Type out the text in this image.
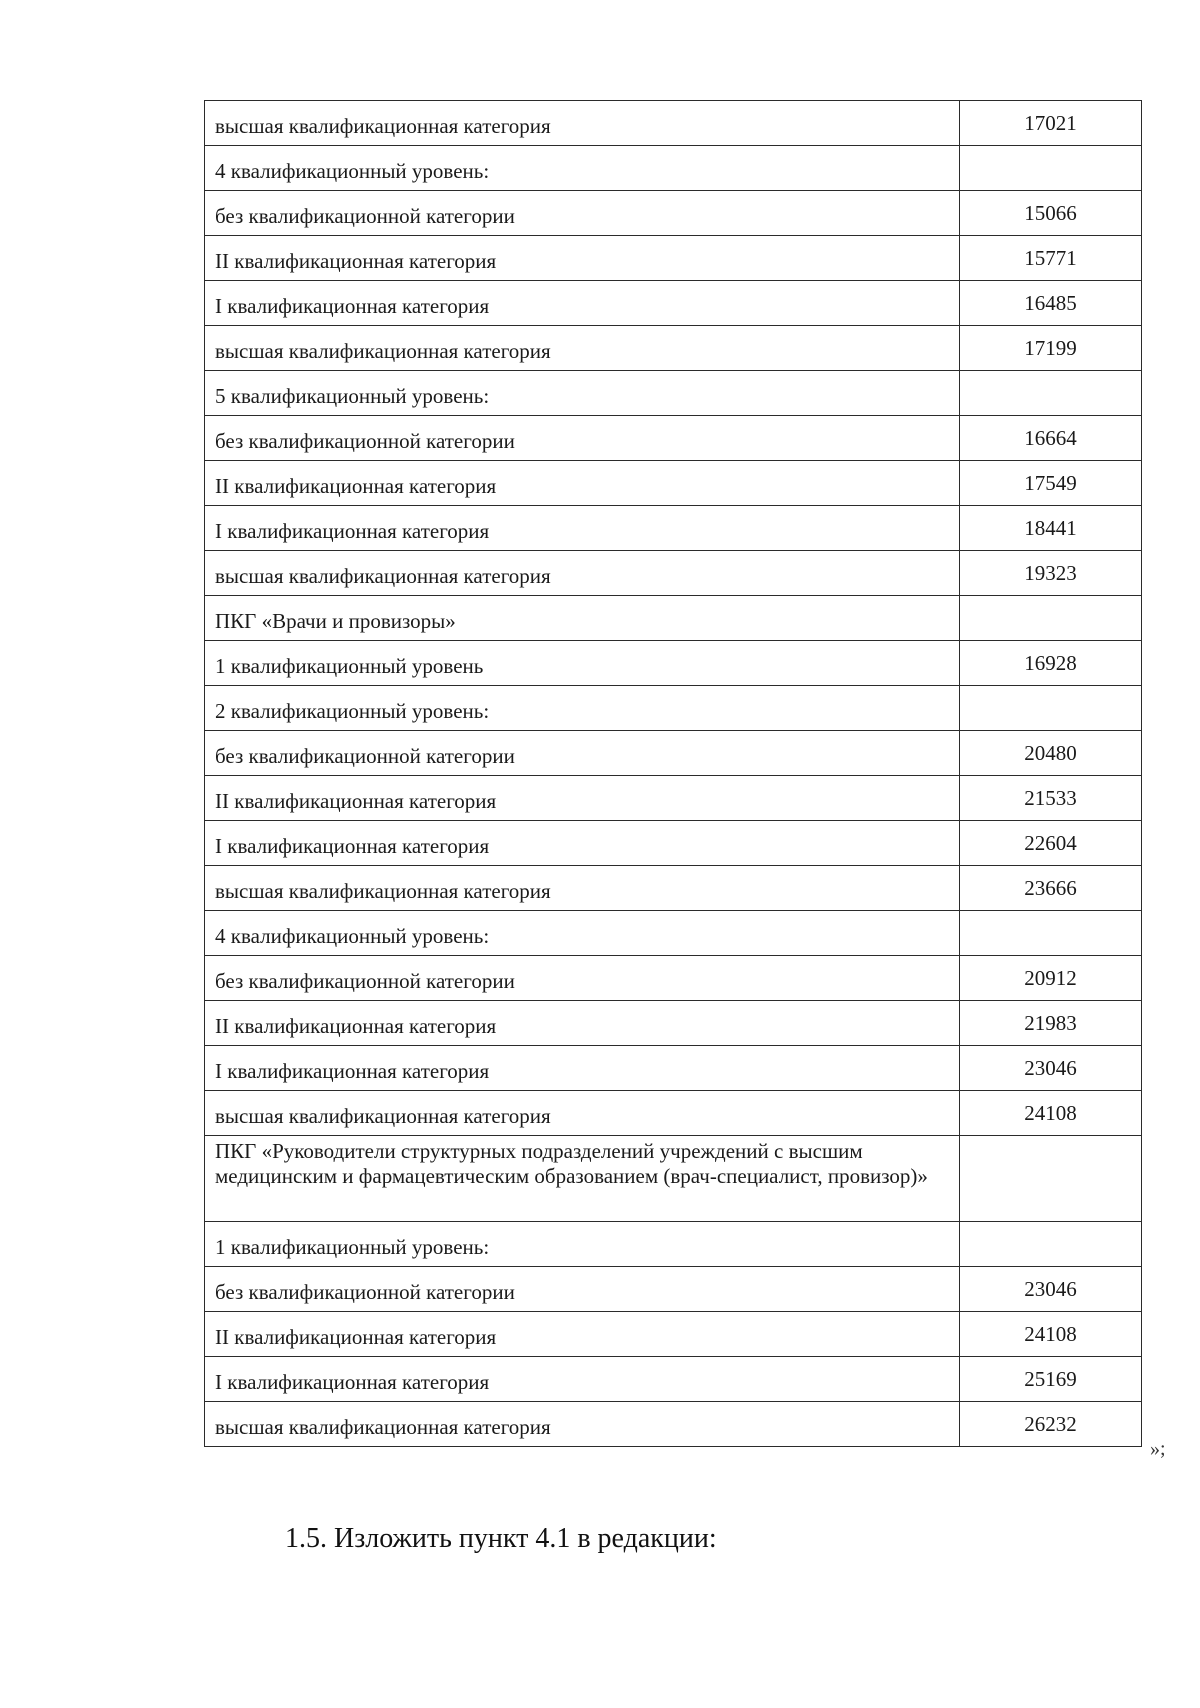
высшая квалификационная категория	17021
4 квалификационный уровень:	
без квалификационной категории	15066
II квалификационная категория	15771
I квалификационная категория	16485
высшая квалификационная категория	17199
5 квалификационный уровень:	
без квалификационной категории	16664
II квалификационная категория	17549
I квалификационная категория	18441
высшая квалификационная категория	19323
ПКГ «Врачи и провизоры»	
1 квалификационный уровень	16928
2 квалификационный уровень:	
без квалификационной категории	20480
II квалификационная категория	21533
I квалификационная категория	22604
высшая квалификационная категория	23666
4 квалификационный уровень:	
без квалификационной категории	20912
II квалификационная категория	21983
I квалификационная категория	23046
высшая квалификационная категория	24108
ПКГ «Руководители структурных подразделений учреждений с высшим медицинским и фармацевтическим образованием (врач-специалист, провизор)»	
1 квалификационный уровень:	
без квалификационной категории	23046
II квалификационная категория	24108
I квалификационная категория	25169
высшая квалификационная категория	26232
»;
1.5. Изложить пункт 4.1 в редакции:
